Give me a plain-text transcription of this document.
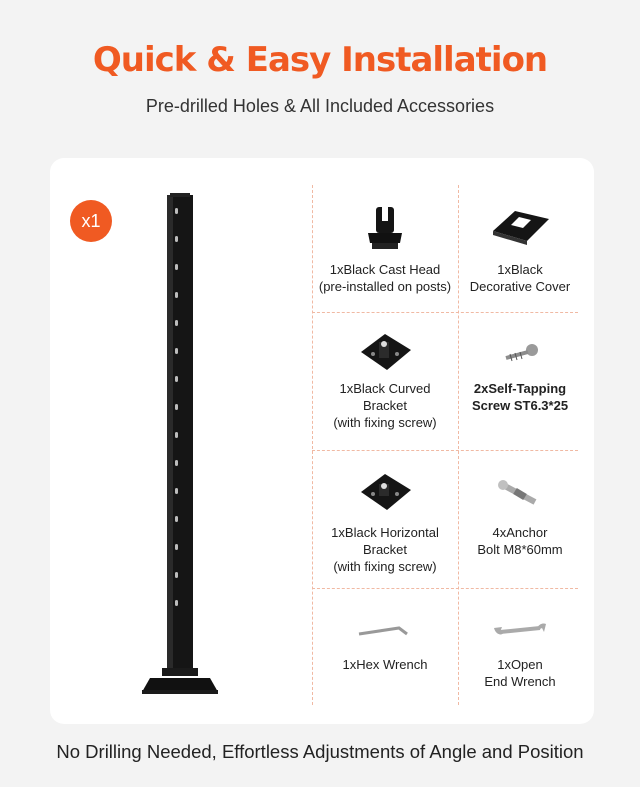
Quick & Easy Installation
Pre-drilled Holes & All Included Accessories
x1
1xBlack Cast Head
(pre-installed on posts)
1xBlack
Decorative Cover
1xBlack Curved
Bracket
(with fixing screw)
2xSelf-Tapping
Screw ST6.3*25
1xBlack Horizontal
Bracket
(with fixing screw)
4xAnchor
Bolt M8*60mm
1xHex Wrench	1xOpen
End Wrench
No Drilling Needed, Effortless Adjustments of Angle and Position
